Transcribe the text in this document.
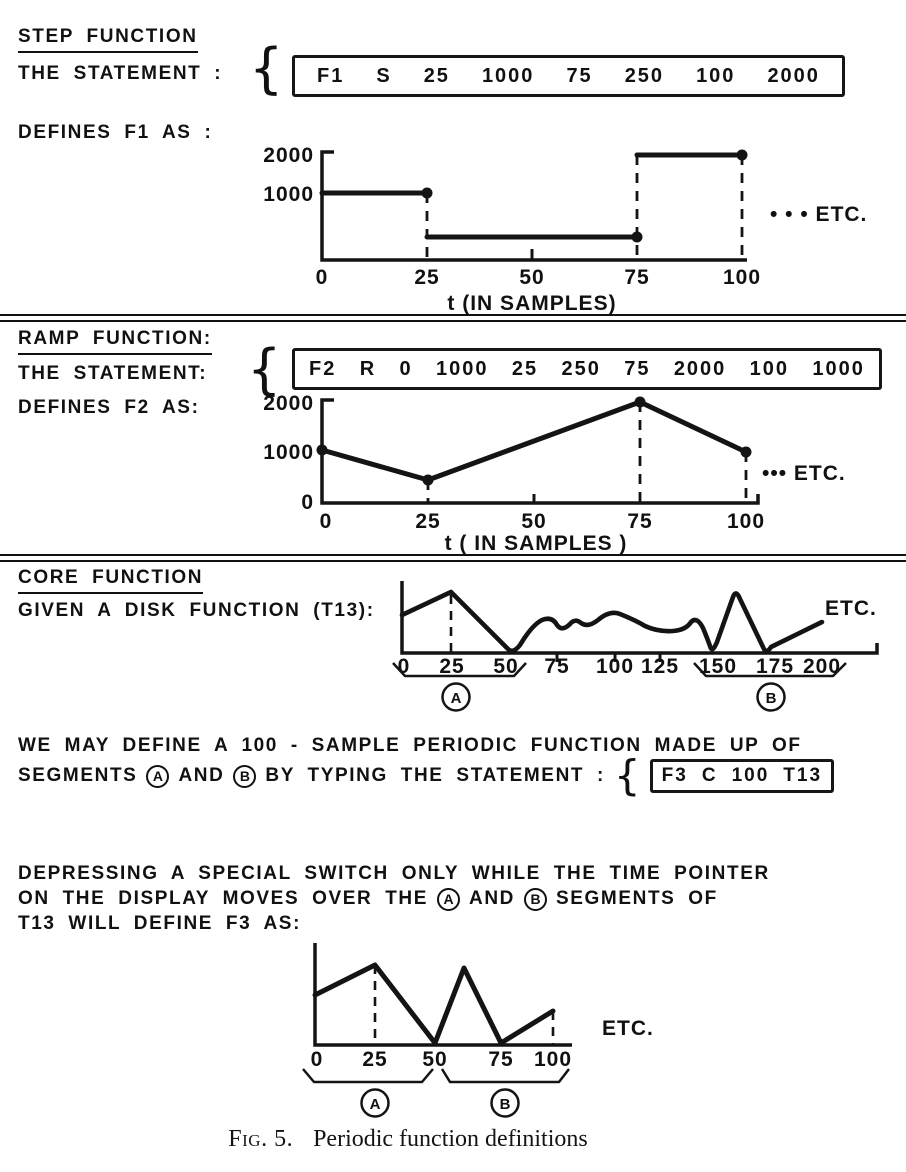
STEP FUNCTION
THE STATEMENT : { F1 S 25 1000 75 250 100 2000
DEFINES F1 AS :
2000
1000
0	25	50	75	100
t (IN SAMPLES)
• • • ETC.
RAMP FUNCTION:
THE STATEMENT: { F2 R 0 1000 25 250 75 2000 100 1000
DEFINES F2 AS:	2000
1000
0
0	25	50	75	100
t ( IN SAMPLES )
••• ETC.
CORE FUNCTION
GIVEN A DISK FUNCTION (T13):
0 25 50 75 100 125 150 175 200
A	B
ETC.
WE MAY DEFINE A 100 - SAMPLE PERIODIC FUNCTION MADE UP OF
SEGMENTS	A AND	B BY TYPING THE STATEMENT : { F3 C 100 T13
DEPRESSING A SPECIAL SWITCH ONLY WHILE THE TIME POINTER
ON THE DISPLAY MOVES OVER THE	A AND	B SEGMENTS OF
T13 WILL DEFINE F3 AS:
0 25 50 75 100
A	B
ETC.
Fig. 5. Periodic function definitions
